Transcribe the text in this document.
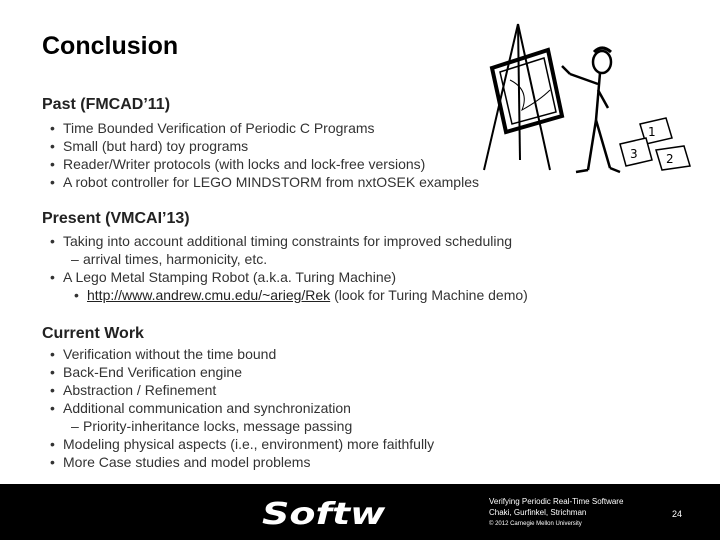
Conclusion
1
3 2
Past (FMCAD’11)
• Time Bounded Verification of Periodic C Programs
• Small (but hard) toy programs
• Reader/Writer protocols (with locks and lock-free versions)
• A robot controller for LEGO MINDSTORM from nxtOSEK examples
Present (VMCAI’13)
• Taking into account additional timing constraints for improved scheduling
– arrival times, harmonicity, etc.
• A Lego Metal Stamping Robot (a.k.a. Turing Machine)
• http://www.andrew.cmu.edu/~arieg/Rek (look for Turing Machine demo)
Current Work
• Verification without the time bound
• Back-End Verification engine
• Abstraction / Refinement
• Additional communication and synchronization
– Priority-inheritance locks, message passing
• Modeling physical aspects (i.e., environment) more faithfully
• More Case studies and model problems
Softw	Verifying Periodic Real-Time Software
Chaki, Gurfinkel, Strichman
© 2012 Carnegie Mellon University
24
